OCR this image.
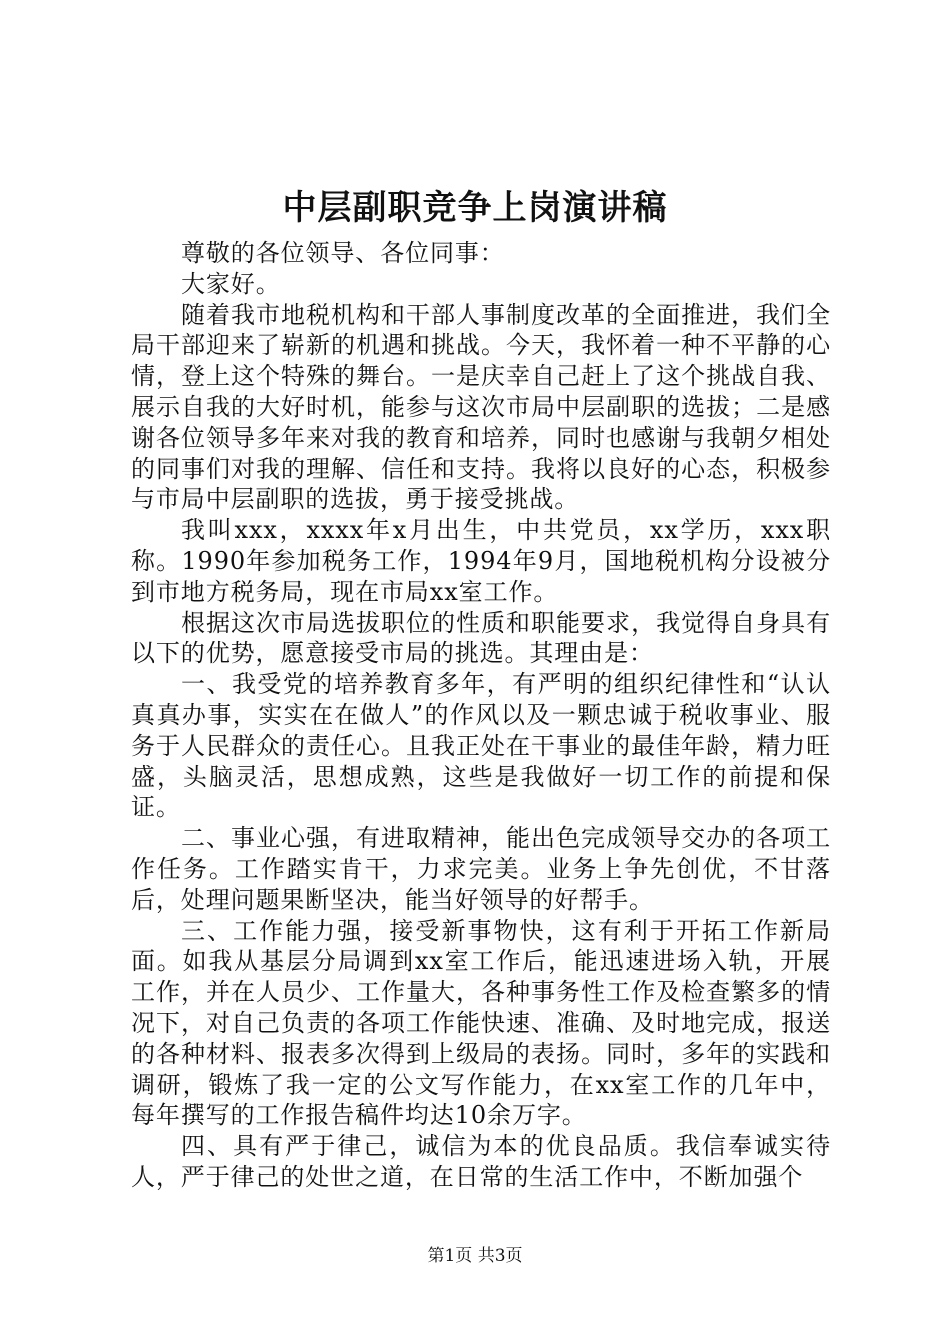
中层副职竞争上岗演讲稿

尊敬的各位领导、各位同事：

大家好。

随着我市地税机构和干部人事制度改革的全面推进，我们全局干部迎来了崭新的机遇和挑战。今天，我怀着一种不平静的心情，登上这个特殊的舞台。一是庆幸自己赶上了这个挑战自我、展示自我的大好时机，能参与这次市局中层副职的选拔；二是感谢各位领导多年来对我的教育和培养，同时也感谢与我朝夕相处的同事们对我的理解、信任和支持。我将以良好的心态，积极参与市局中层副职的选拔，勇于接受挑战。

我叫xxx，xxxx年x月出生，中共党员，xx学历，xxx职称。1990年参加税务工作，1994年9月，国地税机构分设被分到市地方税务局，现在市局xx室工作。

根据这次市局选拔职位的性质和职能要求，我觉得自身具有以下的优势，愿意接受市局的挑选。其理由是：

一、我受党的培养教育多年，有严明的组织纪律性和“认认真真办事，实实在在做人”的作风以及一颗忠诚于税收事业、服务于人民群众的责任心。且我正处在干事业的最佳年龄，精力旺盛，头脑灵活，思想成熟，这些是我做好一切工作的前提和保证。

二、事业心强，有进取精神，能出色完成领导交办的各项工作任务。工作踏实肯干，力求完美。业务上争先创优，不甘落后，处理问题果断坚决，能当好领导的好帮手。

三、工作能力强，接受新事物快，这有利于开拓工作新局面。如我从基层分局调到xx室工作后，能迅速进场入轨，开展工作，并在人员少、工作量大，各种事务性工作及检查繁多的情况下，对自己负责的各项工作能快速、准确、及时地完成，报送的各种材料、报表多次得到上级局的表扬。同时，多年的实践和调研，锻炼了我一定的公文写作能力，在xx室工作的几年中，每年撰写的工作报告稿件均达10余万字。

四、具有严于律己，诚信为本的优良品质。我信奉诚实待人，严于律己的处世之道，在日常的生活工作中，不断加强个

第1页 共3页
